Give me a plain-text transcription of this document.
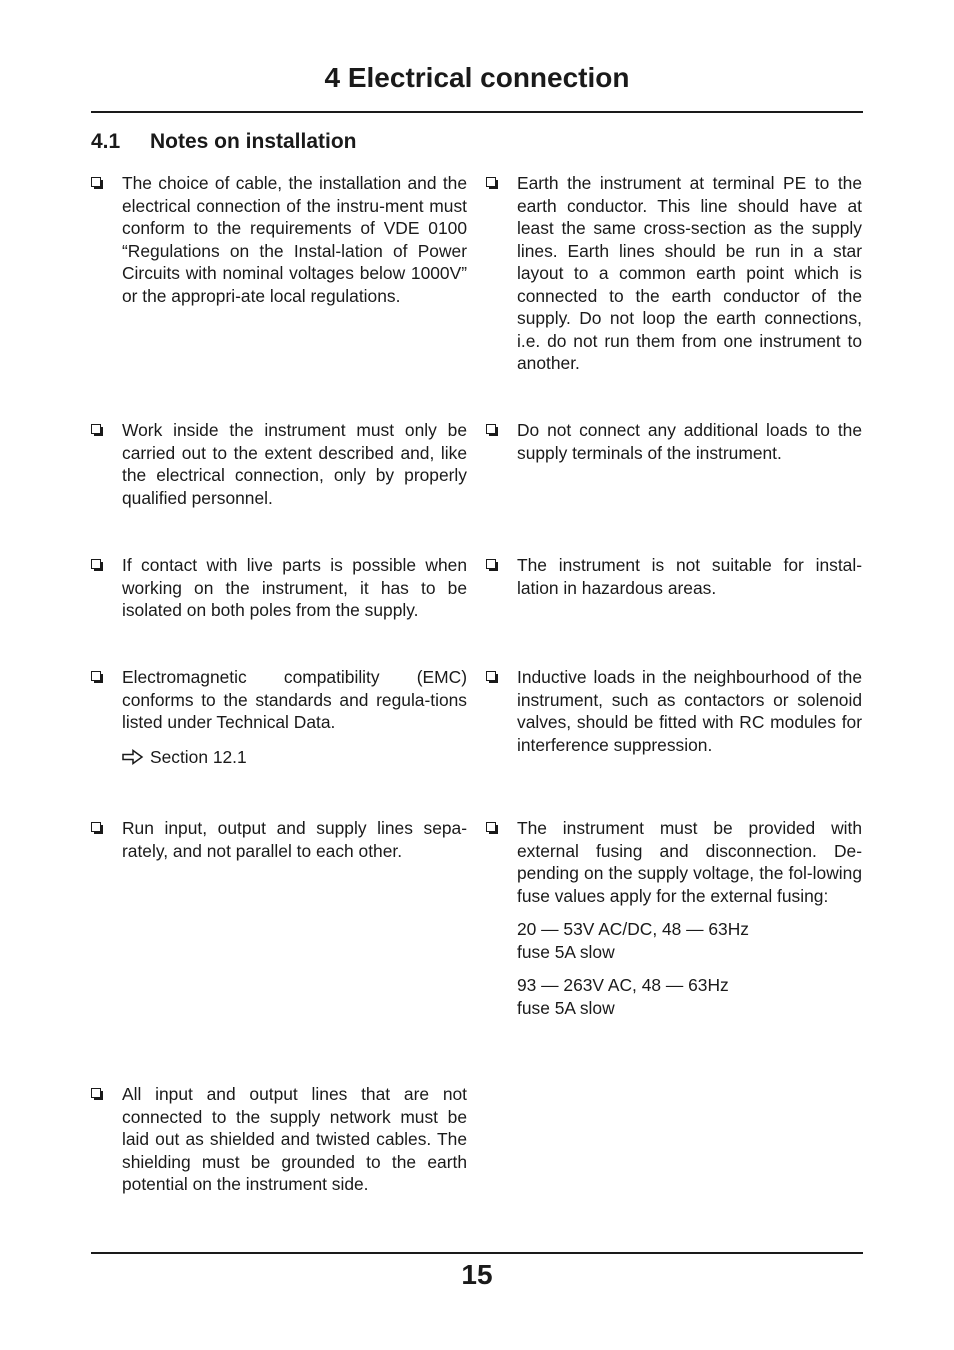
4 Electrical connection
4.1 Notes on installation
The choice of cable, the installation and the electrical connection of the instru-ment must conform to the requirements of VDE 0100 “Regulations on the Instal-lation of Power Circuits with nominal voltages below 1000V” or the appropri-ate local regulations.
Work inside the instrument must only be carried out to the extent described and, like the electrical connection, only by properly qualified personnel.
If contact with live parts is possible when working on the instrument, it has to be isolated on both poles from the supply.
Electromagnetic compatibility (EMC) conforms to the standards and regula-tions listed under Technical Data.
Section 12.1
Run input, output and supply lines sepa-rately, and not parallel to each other.
All input and output lines that are not connected to the supply network must be laid out as shielded and twisted cables. The shielding must be grounded to the earth potential on the instrument side.
Earth the instrument at terminal PE to the earth conductor. This line should have at least the same cross-section as the supply lines. Earth lines should be run in a star layout to a common earth point which is connected to the earth conductor of the supply. Do not loop the earth connections, i.e. do not run them from one instrument to another.
Do not connect any additional loads to the supply terminals of the instrument.
The instrument is not suitable for instal-lation in hazardous areas.
Inductive loads in the neighbourhood of the instrument, such as contactors or solenoid valves, should be fitted with RC modules for interference suppression.
The instrument must be provided with external fusing and disconnection. De-pending on the supply voltage, the fol-lowing fuse values apply for the external fusing:
20 — 53V AC/DC, 48 — 63Hz
fuse 5A slow
93 — 263V AC, 48 — 63Hz
fuse 5A slow
15
